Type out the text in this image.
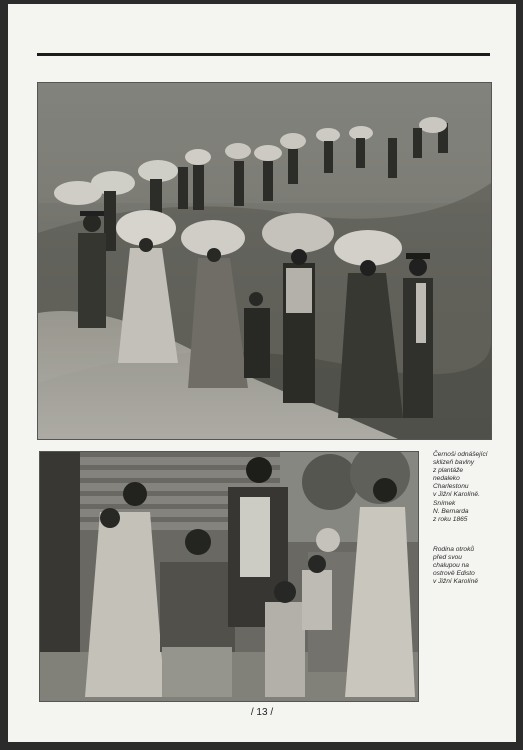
Černoši odnášející
sklizeň bavlny
z plantáže
nedaleko
Charlestonu
v Jižní Karolíně.
Snímek
N. Bernarda
z roku 1865
Rodina otroků
před svou
chalupou na
ostrově Edisto
v Jižní Karolíně
/ 13 /
